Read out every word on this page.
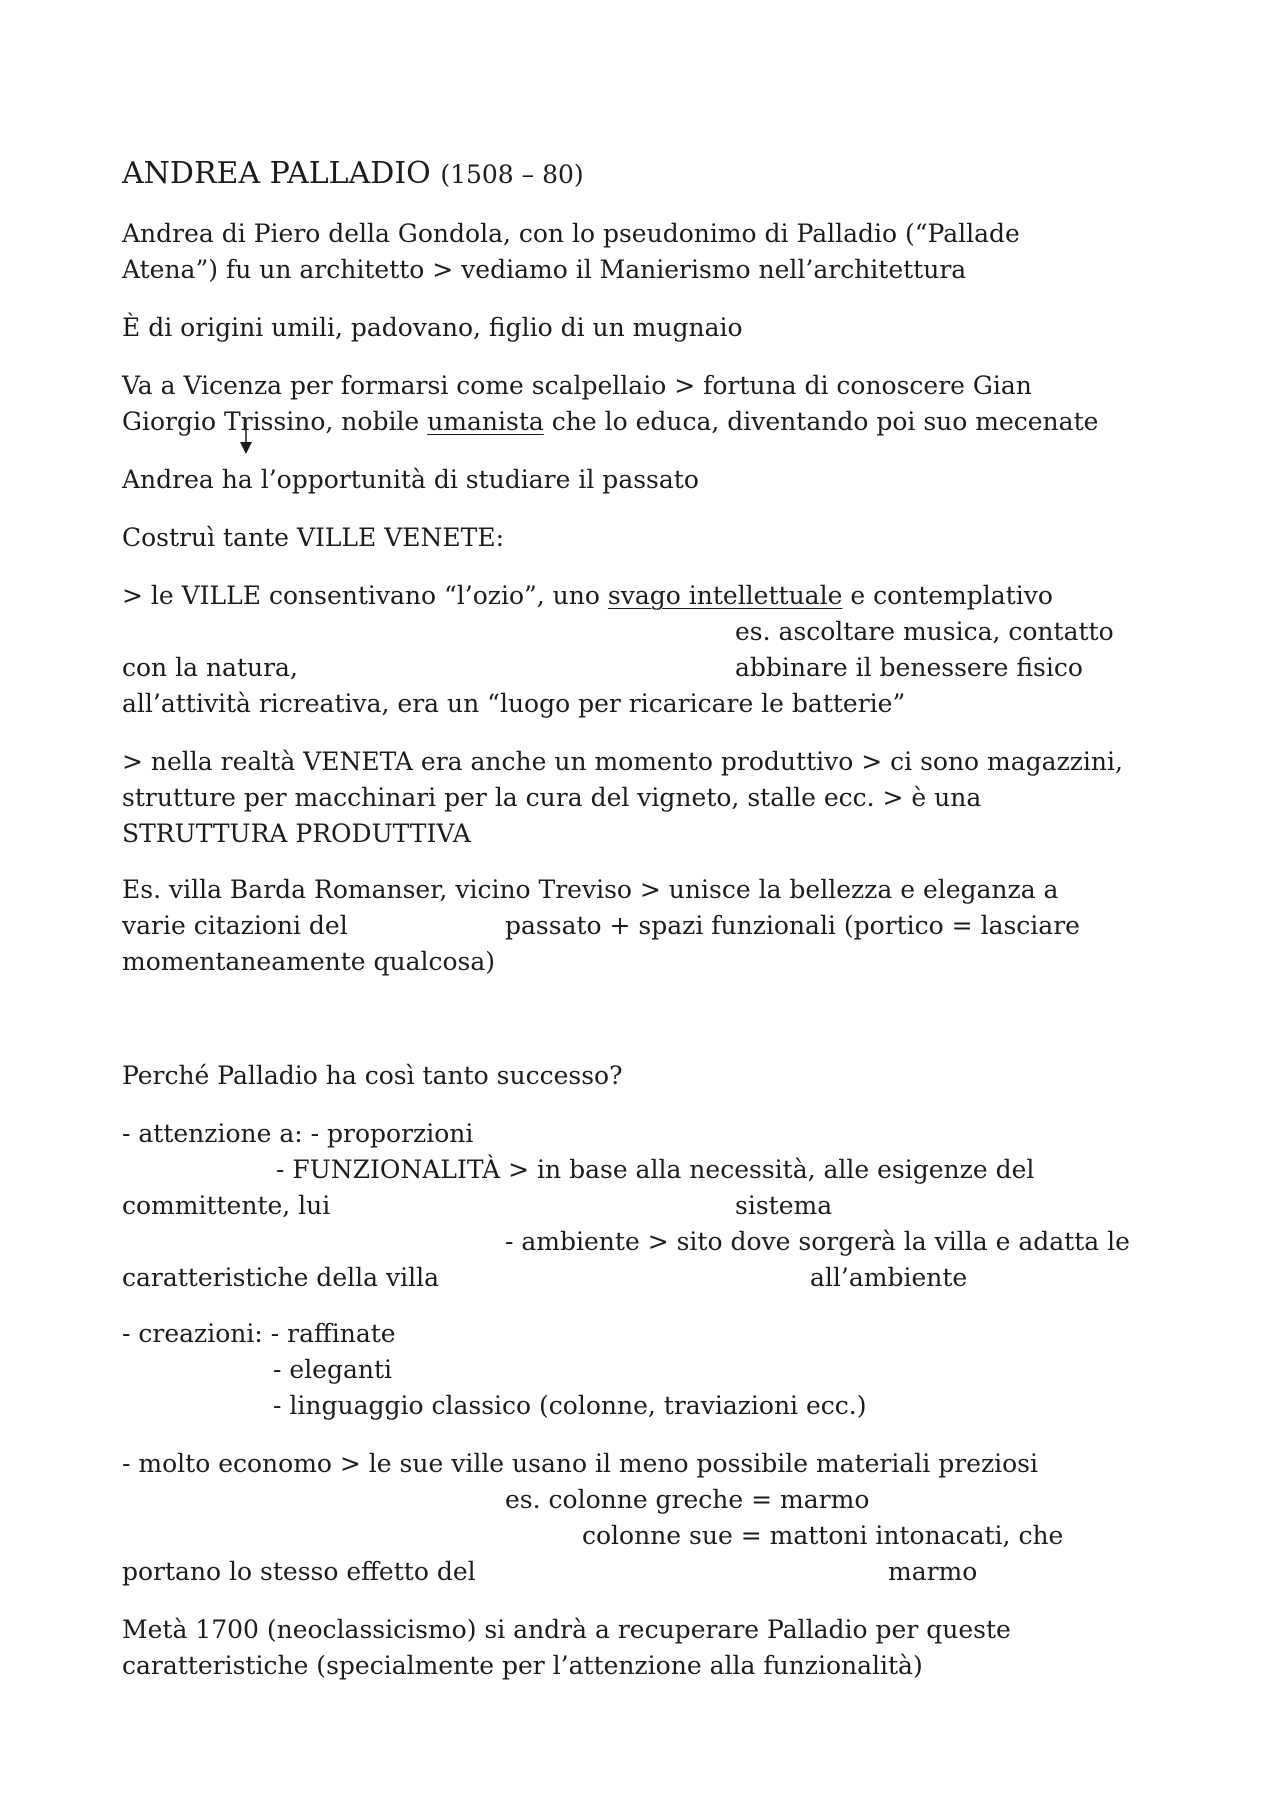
ANDREA PALLADIO (1508 – 80)

Andrea di Piero della Gondola, con lo pseudonimo di Palladio (“Pallade

Atena”) fu un architetto > vediamo il Manierismo nell’architettura

È di origini umili, padovano, figlio di un mugnaio

Va a Vicenza per formarsi come scalpellaio > fortuna di conoscere Gian

Giorgio Trissino, nobile umanista che lo educa, diventando poi suo mecenate

Andrea ha l’opportunità di studiare il passato

Costruì tante VILLE VENETE:

> le VILLE consentivano “l’ozio”, uno svago intellettuale e contemplativo

es. ascoltare musica, contatto

con la natura,	abbinare il benessere fisico

all’attività ricreativa, era un “luogo per ricaricare le batterie”

> nella realtà VENETA era anche un momento produttivo > ci sono magazzini,

strutture per macchinari per la cura del vigneto, stalle ecc. > è una

STRUTTURA PRODUTTIVA

Es. villa Barda Romanser, vicino Treviso > unisce la bellezza e eleganza a

varie citazioni del	passato + spazi funzionali (portico = lasciare

momentaneamente qualcosa)

Perché Palladio ha così tanto successo?

- attenzione a: - proporzioni

- FUNZIONALITÀ > in base alla necessità, alle esigenze del

committente, lui	sistema

- ambiente > sito dove sorgerà la villa e adatta le

caratteristiche della villa	all’ambiente

- creazioni: - raffinate

- eleganti

- linguaggio classico (colonne, traviazioni ecc.)

- molto economo > le sue ville usano il meno possibile materiali preziosi

es. colonne greche = marmo

colonne sue = mattoni intonacati, che

portano lo stesso effetto del	marmo

Metà 1700 (neoclassicismo) si andrà a recuperare Palladio per queste

caratteristiche (specialmente per l’attenzione alla funzionalità)
